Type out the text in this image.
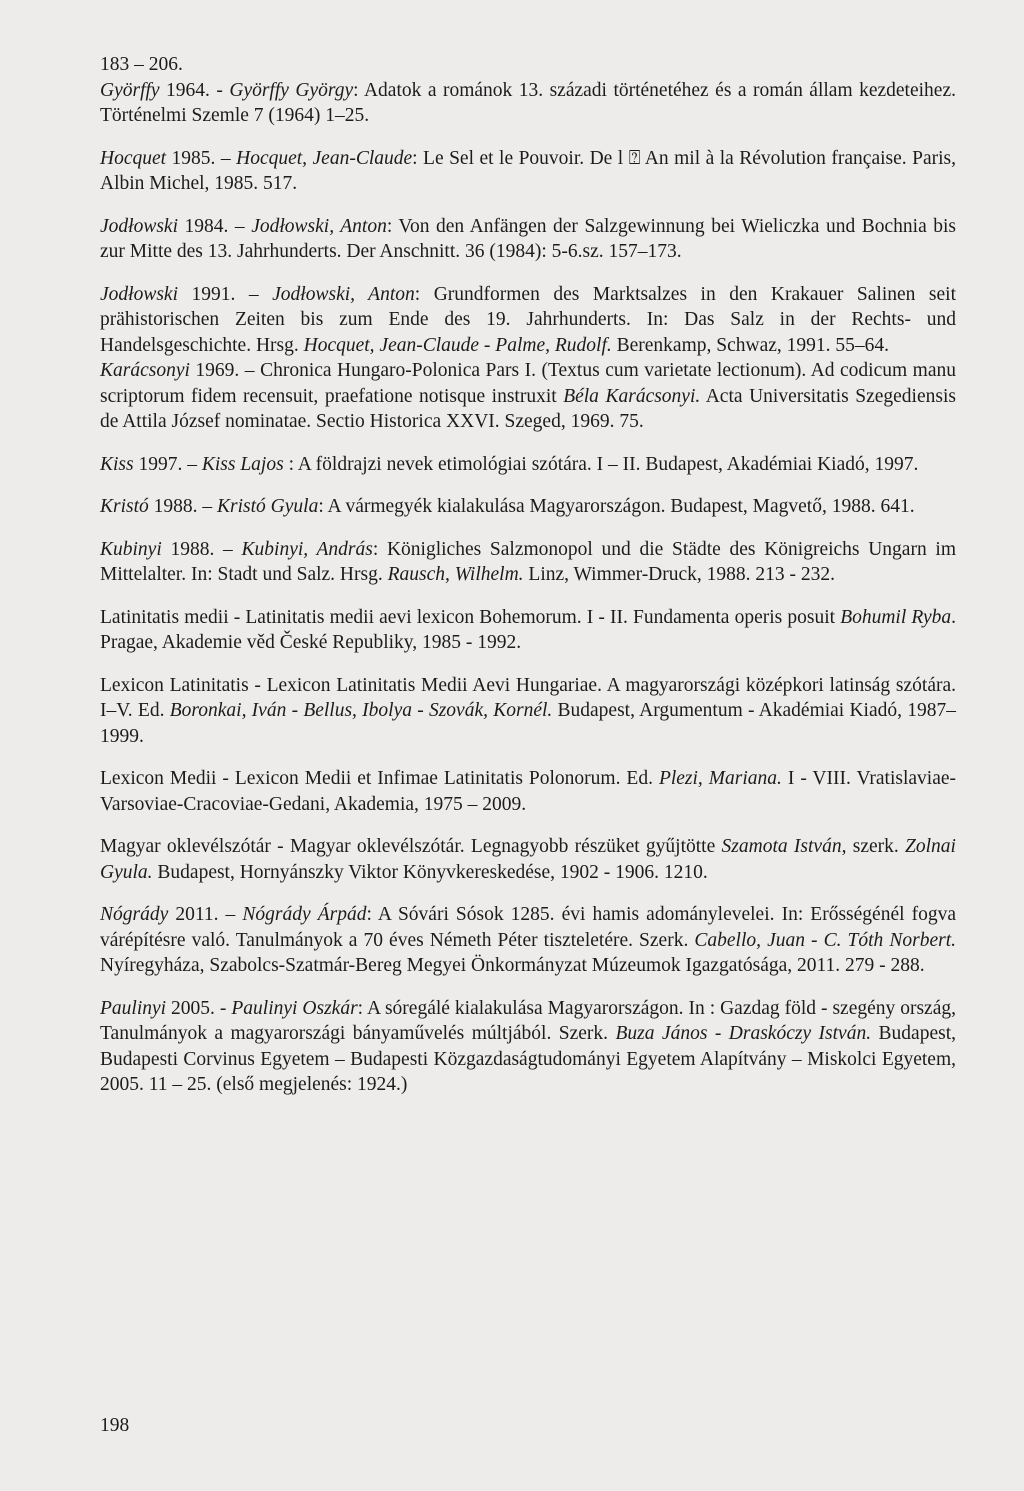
183 – 206.
Györffy 1964. - Györffy György: Adatok a románok 13. századi történetéhez és a román állam kezdeteihez. Történelmi Szemle 7 (1964) 1–25.
Hocquet 1985. – Hocquet, Jean-Claude: Le Sel et le Pouvoir. De l ⍰ An mil à la Révolution française. Paris, Albin Michel, 1985. 517.
Jodłowski 1984. – Jodłowski, Anton: Von den Anfängen der Salzgewinnung bei Wieliczka und Bochnia bis zur Mitte des 13. Jahrhunderts. Der Anschnitt. 36 (1984): 5-6.sz. 157–173.
Jodłowski 1991. – Jodłowski, Anton: Grundformen des Marktsalzes in den Krakauer Salinen seit prähistorischen Zeiten bis zum Ende des 19. Jahrhunderts. In: Das Salz in der Rechts- und Handelsgeschichte. Hrsg. Hocquet, Jean-Claude - Palme, Rudolf. Berenkamp, Schwaz, 1991. 55–64.
Karácsonyi 1969. – Chronica Hungaro-Polonica Pars I. (Textus cum varietate lectionum). Ad codicum manu scriptorum fidem recensuit, praefatione notisque instruxit Béla Karácsonyi. Acta Universitatis Szegediensis de Attila József nominatae. Sectio Historica XXVI. Szeged, 1969. 75.
Kiss 1997. – Kiss Lajos : A földrajzi nevek etimológiai szótára. I – II. Budapest, Akadémiai Kiadó, 1997.
Kristó 1988. – Kristó Gyula: A vármegyék kialakulása Magyarországon. Budapest, Magvető, 1988. 641.
Kubinyi 1988. – Kubinyi, András: Königliches Salzmonopol und die Städte des Königreichs Ungarn im Mittelalter. In: Stadt und Salz. Hrsg. Rausch, Wilhelm. Linz, Wimmer-Druck, 1988. 213 - 232.
Latinitatis medii - Latinitatis medii aevi lexicon Bohemorum. I - II. Fundamenta operis posuit Bohumil Ryba. Pragae, Akademie věd České Republiky, 1985 - 1992.
Lexicon Latinitatis - Lexicon Latinitatis Medii Aevi Hungariae. A magyarországi középkori latinság szótára. I–V. Ed. Boronkai, Iván - Bellus, Ibolya - Szovák, Kornél. Budapest, Argumentum - Akadémiai Kiadó, 1987–1999.
Lexicon Medii - Lexicon Medii et Infimae Latinitatis Polonorum. Ed. Plezi, Mariana. I - VIII. Vratislaviae-Varsoviae-Cracoviae-Gedani, Akademia, 1975 – 2009.
Magyar oklevélszótár - Magyar oklevélszótár. Legnagyobb részüket gyűjtötte Szamota István, szerk. Zolnai Gyula. Budapest, Hornyánszky Viktor Könyvkereskedése, 1902 - 1906. 1210.
Nógrády 2011. – Nógrády Árpád: A Sóvári Sósok 1285. évi hamis adománylevelei. In: Erősségénél fogva várépítésre való. Tanulmányok a 70 éves Németh Péter tiszteletére. Szerk. Cabello, Juan - C. Tóth Norbert. Nyíregyháza, Szabolcs-Szatmár-Bereg Megyei Önkormányzat Múzeumok Igazgatósága, 2011. 279 - 288.
Paulinyi 2005. - Paulinyi Oszkár: A sóregálé kialakulása Magyarországon. In : Gazdag föld - szegény ország, Tanulmányok a magyarországi bányaművelés múltjából. Szerk. Buza János - Draskóczy István. Budapest, Budapesti Corvinus Egyetem – Budapesti Közgazdaságtudományi Egyetem Alapítvány – Miskolci Egyetem, 2005. 11 – 25. (első megjelenés: 1924.)
198
